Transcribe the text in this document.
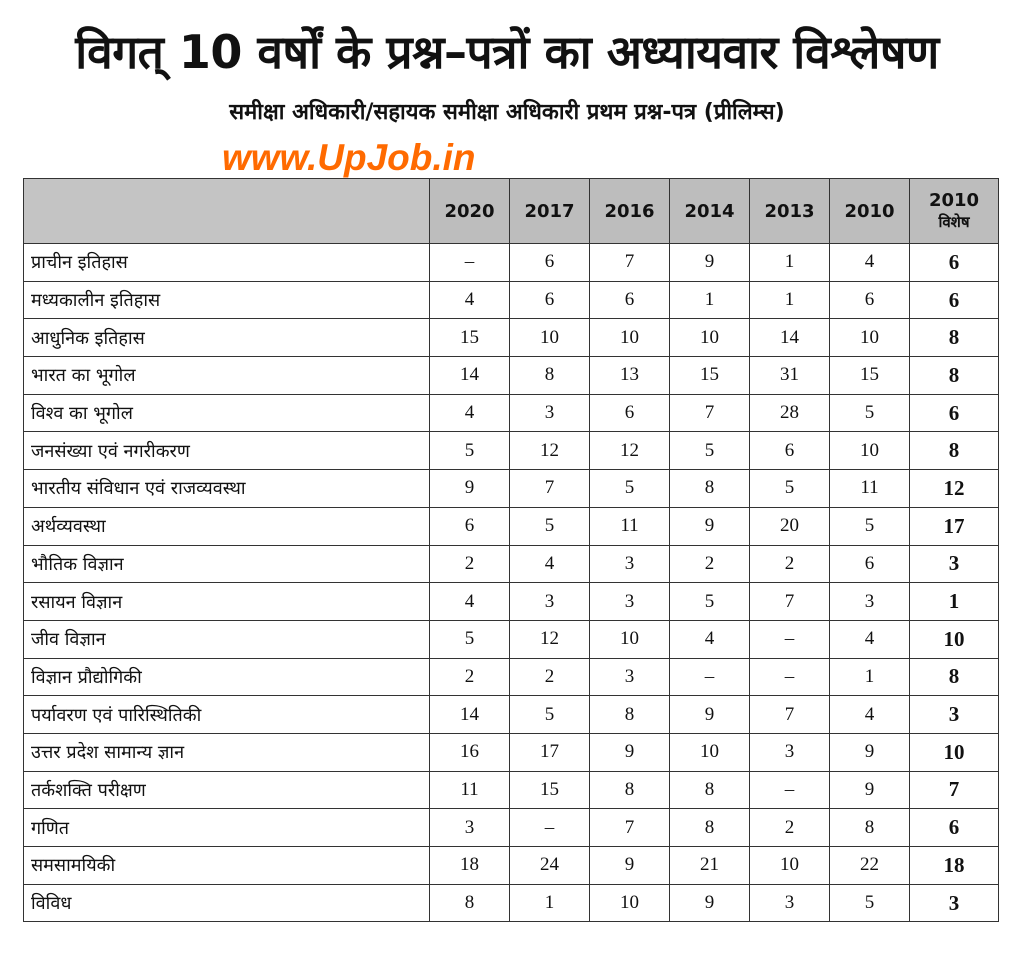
विगत् 10 वर्षों के प्रश्न–पत्रों का अध्यायवार विश्लेषण
समीक्षा अधिकारी/सहायक समीक्षा अधिकारी प्रथम प्रश्न-पत्र (प्रीलिम्स)
www.UpJob.in
	2020	2017	2016	2014	2013	2010	2010
विशेष

प्राचीन इतिहास	–	6	7	9	1	4	6
मध्यकालीन इतिहास	4	6	6	1	1	6	6
आधुनिक इतिहास	15	10	10	10	14	10	8
भारत का भूगोल	14	8	13	15	31	15	8
विश्व का भूगोल	4	3	6	7	28	5	6
जनसंख्या एवं नगरीकरण	5	12	12	5	6	10	8
भारतीय संविधान एवं राजव्यवस्था	9	7	5	8	5	11	12
अर्थव्यवस्था	6	5	11	9	20	5	17
भौतिक विज्ञान	2	4	3	2	2	6	3
रसायन विज्ञान	4	3	3	5	7	3	1
जीव विज्ञान	5	12	10	4	–	4	10
विज्ञान प्रौद्योगिकी	2	2	3	–	–	1	8
पर्यावरण एवं पारिस्थितिकी	14	5	8	9	7	4	3
उत्तर प्रदेश सामान्य ज्ञान	16	17	9	10	3	9	10
तर्कशक्ति परीक्षण	11	15	8	8	–	9	7
गणित	3	–	7	8	2	8	6
समसामयिकी	18	24	9	21	10	22	18
विविध	8	1	10	9	3	5	3
